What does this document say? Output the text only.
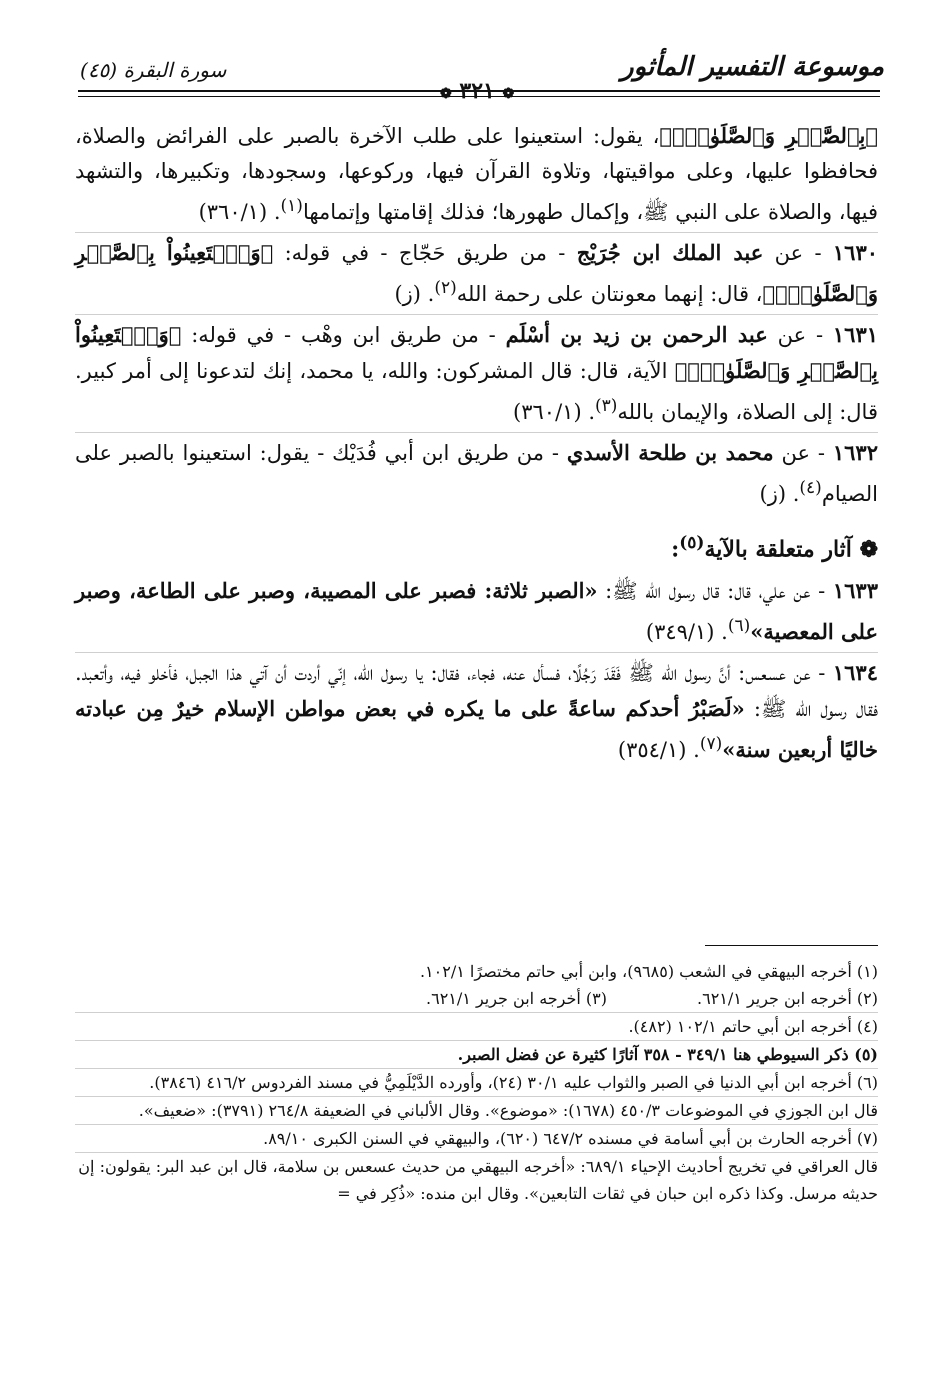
موسوعة التفسير المأثور
سورة البقرة (٤٥)
❁ ٣٢١ ❁

﴿بِٱلصَّبۡرِ وَٱلصَّلَوٰةِۚ﴾، يقول: استعينوا على طلب الآخرة بالصبر على الفرائض والصلاة، فحافظوا عليها، وعلى مواقيتها، وتلاوة القرآن فيها، وركوعها، وسجودها، وتكبيرها، والتشهد فيها، والصلاة على النبي ﷺ، وإكمال طهورها؛ فذلك إقامتها وإتمامها$^{(١)}$. (٣٦٠/١)

١٦٣٠ - عن عبد الملك ابن جُرَيْج - من طريق حَجّاج - في قوله: ﴿وَٱسۡتَعِينُواْ بِٱلصَّبۡرِ وَٱلصَّلَوٰةِۚ﴾، قال: إنهما معونتان على رحمة الله$^{(٢)}$. (ز)

١٦٣١ - عن عبد الرحمن بن زيد بن أسْلَم - من طريق ابن وهْب - في قوله: ﴿وَٱسۡتَعِينُواْ بِٱلصَّبۡرِ وَٱلصَّلَوٰةِۚ﴾ الآية، قال: قال المشركون: والله، يا محمد، إنك لتدعونا إلى أمر كبير. قال: إلى الصلاة، والإيمان بالله$^{(٣)}$. (٣٦٠/١)

١٦٣٢ - عن محمد بن طلحة الأسدي - من طريق ابن أبي فُدَيْك - يقول: استعينوا بالصبر على الصيام$^{(٤)}$. (ز)

❁ آثار متعلقة بالآية$^{(٥)}$:

١٦٣٣ - عن علي، قال: قال رسول الله ﷺ: «الصبر ثلاثة: فصبر على المصيبة، وصبر على الطاعة، وصبر على المعصية»$^{(٦)}$. (٣٤٩/١)

١٦٣٤ - عن عسعس: أنَّ رسول الله ﷺ فَقَدَ رَجُلًا، فسأل عنه، فجاء، فقال: يا رسول الله، إنّي أردت أن آتي هذا الجبل، فأخلو فيه، وأتعبد. فقال رسول الله ﷺ: «لَصَبْرُ أحدكم ساعةً على ما يكره في بعض مواطن الإسلام خيرٌ مِن عبادته خاليًا أربعين سنة»$^{(٧)}$. (٣٥٤/١)

(١) أخرجه البيهقي في الشعب (٩٦٨٥)، وابن أبي حاتم مختصرًا ١٠٢/١.

(٢) أخرجه ابن جرير ٦٢١/١.
(٣) أخرجه ابن جرير ٦٢١/١.

(٤) أخرجه ابن أبي حاتم ١٠٢/١ (٤٨٢).

(٥) ذكر السيوطي هنا ٣٤٩/١ - ٣٥٨ آثارًا كثيرة عن فضل الصبر.

(٦) أخرجه ابن أبي الدنيا في الصبر والثواب عليه ٣٠/١ (٢٤)، وأورده الدَّيْلَمِيُّ في مسند الفردوس ٤١٦/٢ (٣٨٤٦).

قال ابن الجوزي في الموضوعات ٤٥٠/٣ (١٦٧٨): «موضوع». وقال الألباني في الضعيفة ٢٦٤/٨ (٣٧٩١): «ضعيف».

(٧) أخرجه الحارث بن أبي أسامة في مسنده ٦٤٧/٢ (٦٢٠)، والبيهقي في السنن الكبرى ٨٩/١٠.

قال العراقي في تخريج أحاديث الإحياء ٦٨٩/١: «أخرجه البيهقي من حديث عسعس بن سلامة، قال ابن عبد البر: يقولون: إن حديثه مرسل. وكذا ذكره ابن حبان في ثقات التابعين». وقال ابن منده: «ذُكِر في =
